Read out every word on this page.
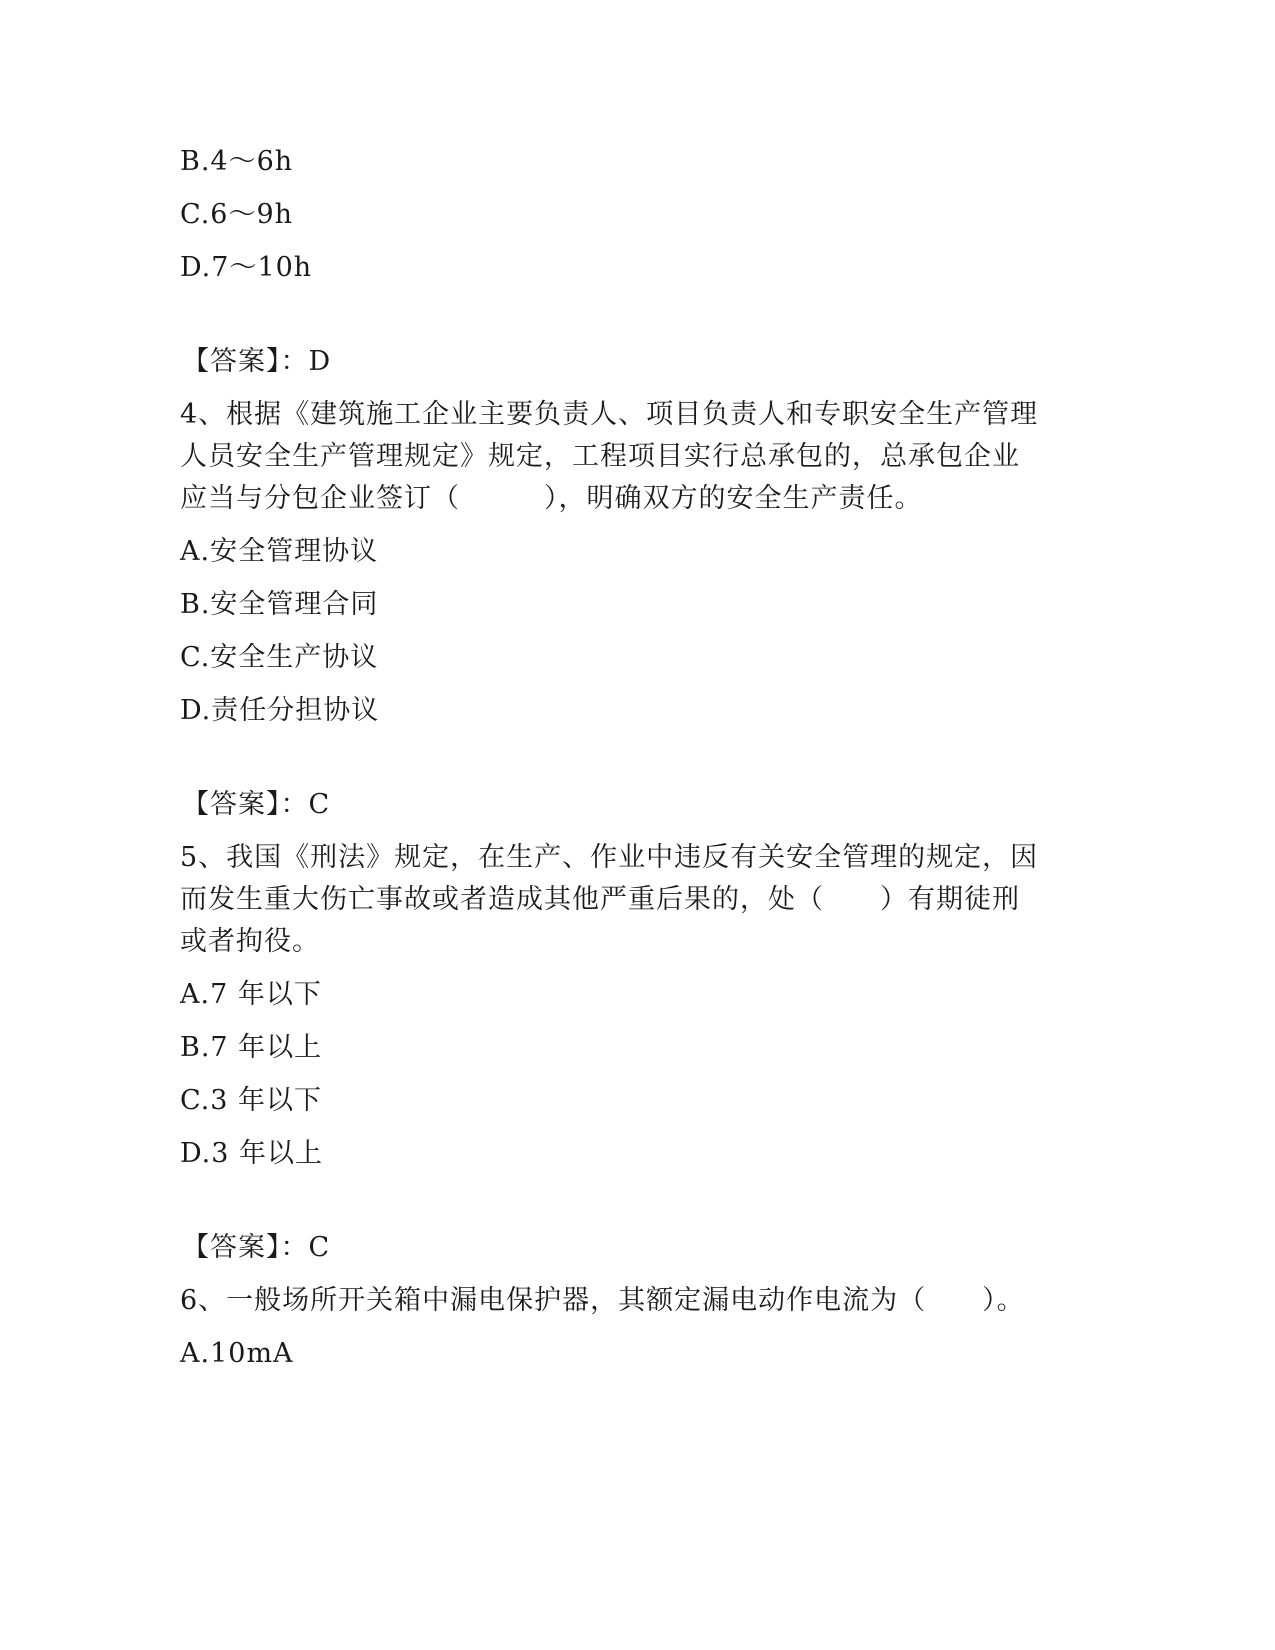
B.4～6h
C.6～9h
D.7～10h
【答案】：D
4、根据《建筑施工企业主要负责人、项目负责人和专职安全生产管理
人员安全生产管理规定》规定，工程项目实行总承包的，总承包企业
应当与分包企业签订（　　　），明确双方的安全生产责任。
A.安全管理协议
B.安全管理合同
C.安全生产协议
D.责任分担协议
【答案】：C
5、我国《刑法》规定，在生产、作业中违反有关安全管理的规定，因
而发生重大伤亡事故或者造成其他严重后果的，处（　　）有期徒刑
或者拘役。
A.7 年以下
B.7 年以上
C.3 年以下
D.3 年以上
【答案】：C
6、一般场所开关箱中漏电保护器，其额定漏电动作电流为（　　）。
A.10mA
